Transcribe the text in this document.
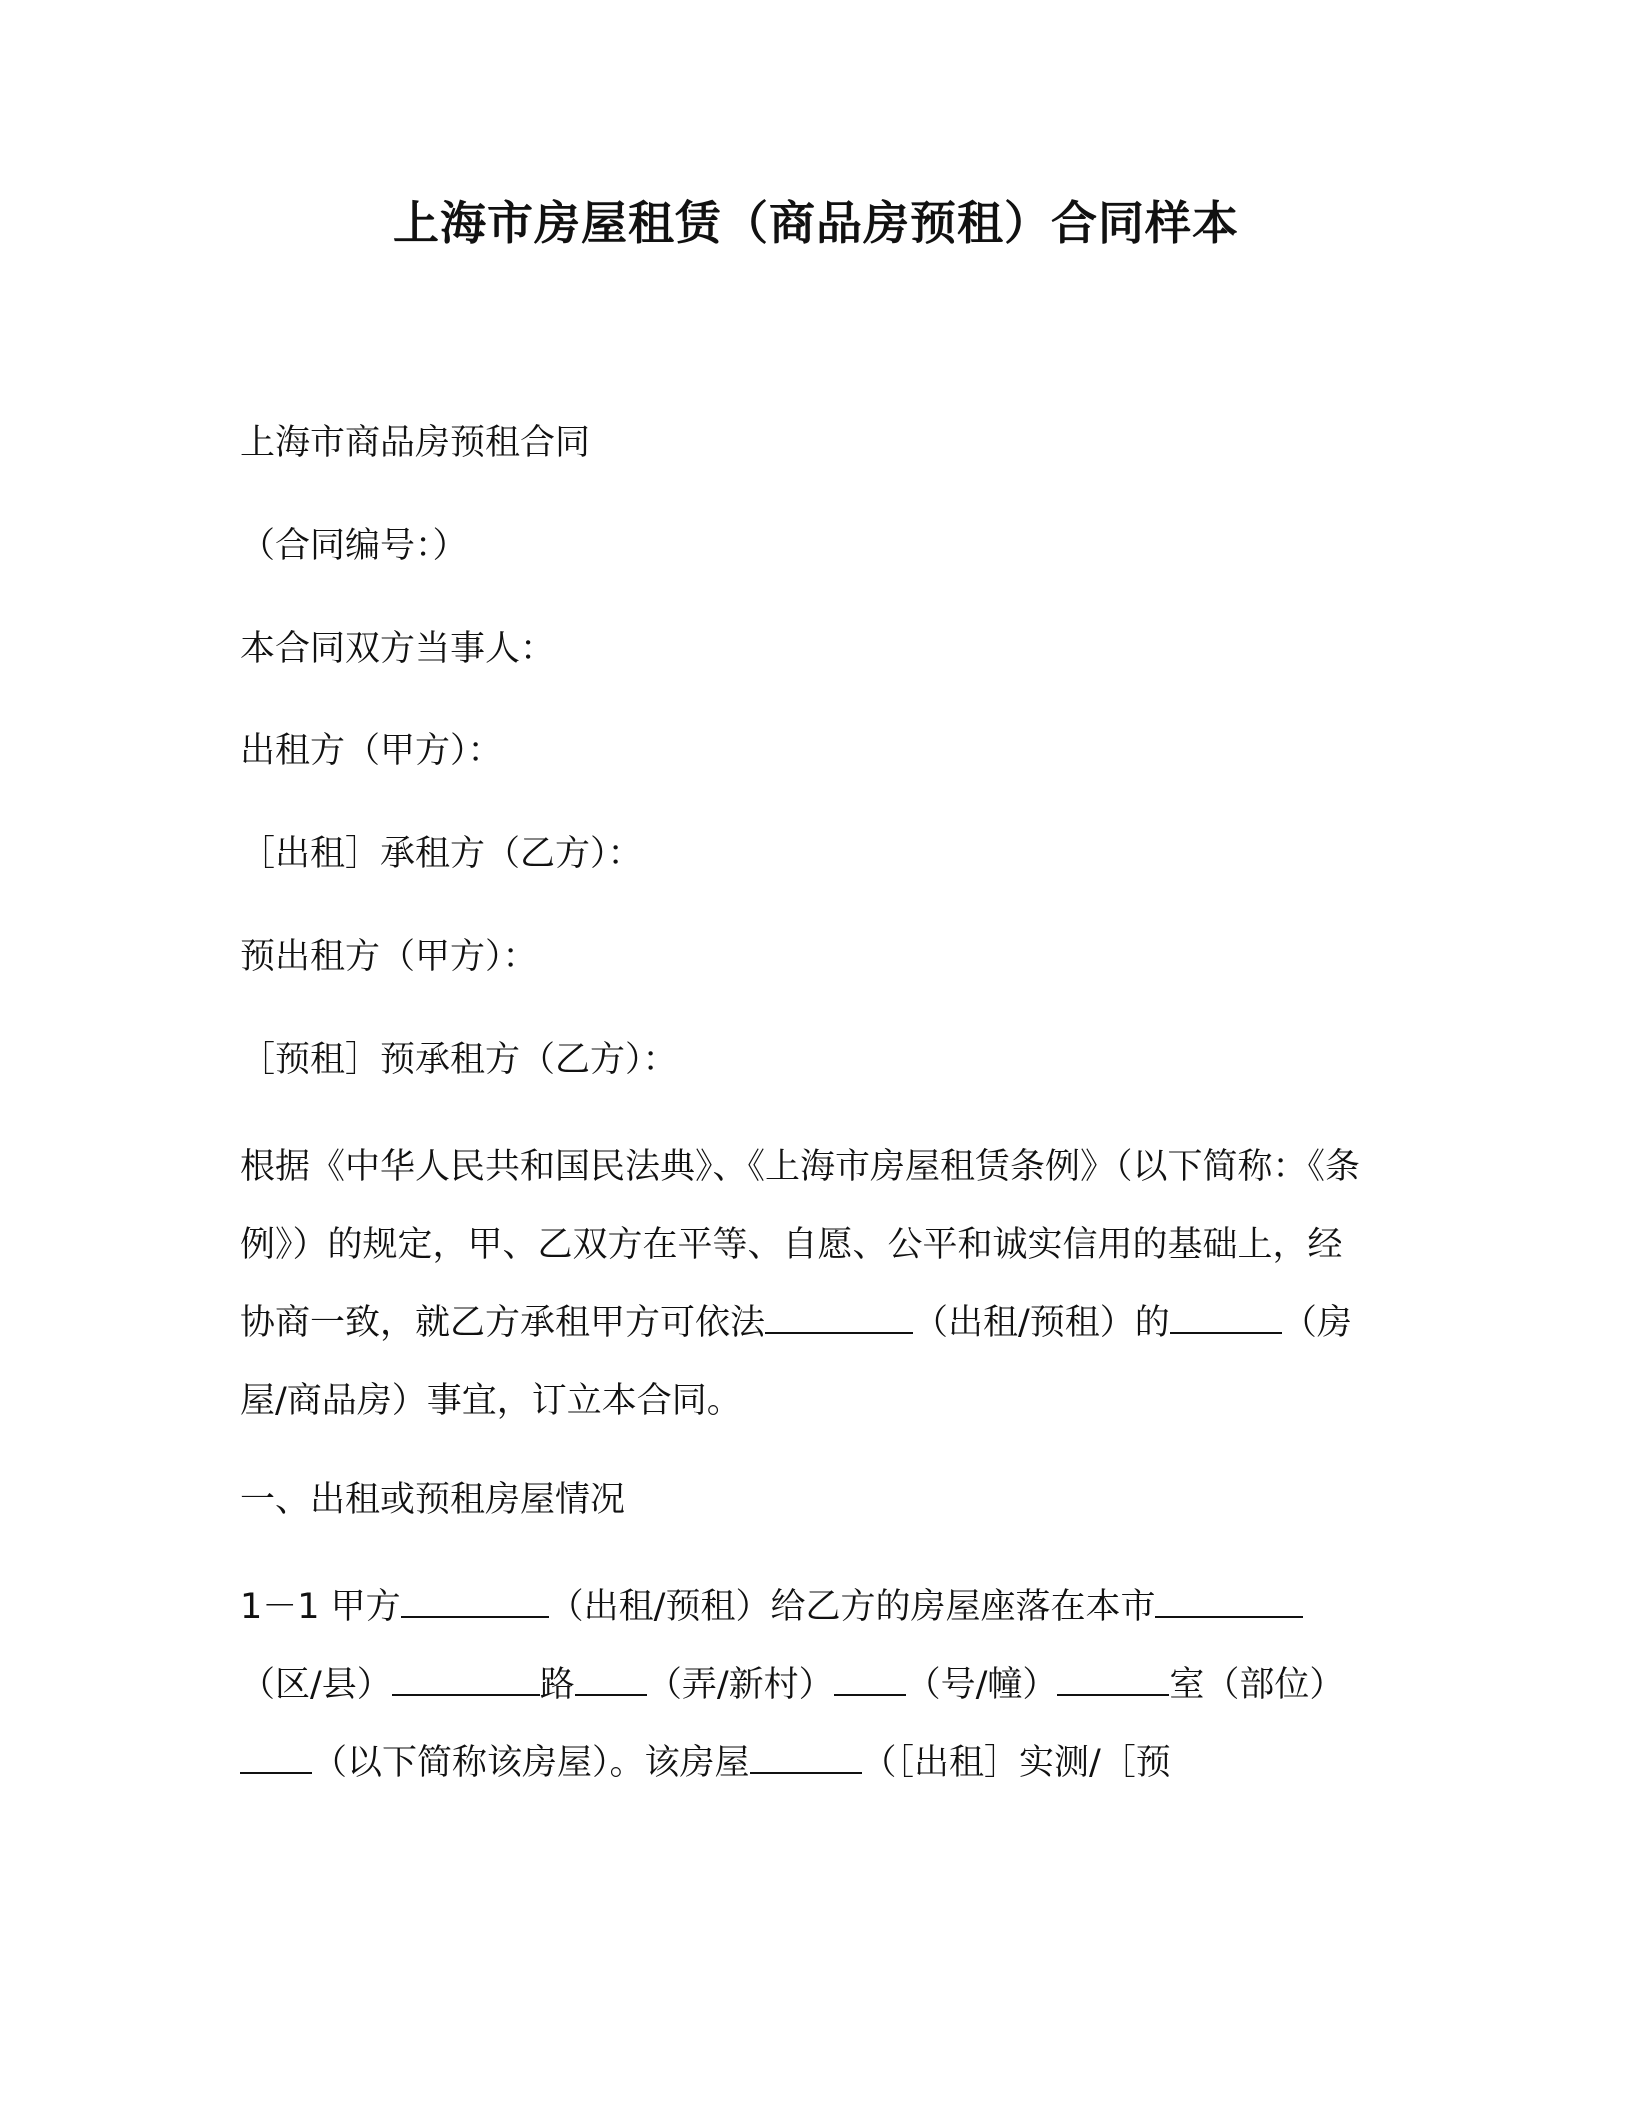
上海市房屋租赁（商品房预租）合同样本
上海市商品房预租合同
（合同编号：）
本合同双方当事人：
出租方（甲方）：
［出租］承租方（乙方）：
预出租方（甲方）：
［预租］预承租方（乙方）：
根据《中华人民共和国民法典》、《上海市房屋租赁条例》（以下简称：《条例》）的规定，甲、乙双方在平等、自愿、公平和诚实信用的基础上，经协商一致，就乙方承租甲方可依法	（出租/预租）的	（房屋/商品房）事宜，订立本合同。
一、出租或预租房屋情况
1－1 甲方	（出租/预租）给乙方的房屋座落在本市（区/县）	路 （弄/新村） （号/幢）	室（部位）（以下简称该房屋）。该房屋	（［出租］实测/［预
